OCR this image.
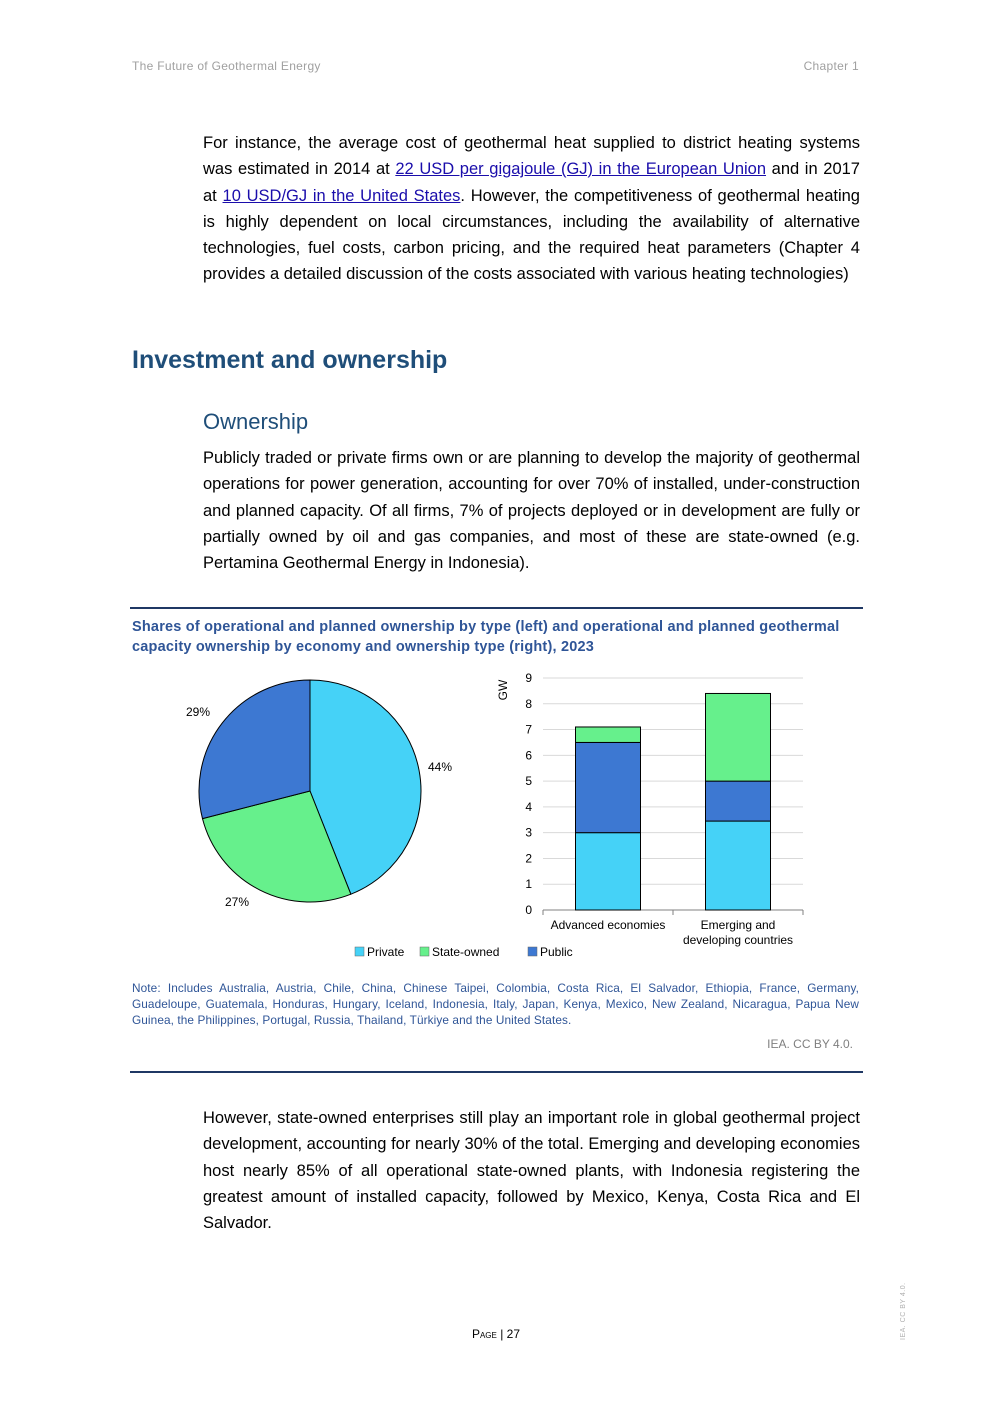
The Future of Geothermal Energy	Chapter 1

For instance, the average cost of geothermal heat supplied to district heating systems was estimated in 2014 at 22 USD per gigajoule (GJ) in the European Union and in 2017 at 10 USD/GJ in the United States. However, the competitiveness of geothermal heating is highly dependent on local circumstances, including the availability of alternative technologies, fuel costs, carbon pricing, and the required heat parameters (Chapter 4 provides a detailed discussion of the costs associated with various heating technologies)

Investment and ownership
Ownership

Publicly traded or private firms own or are planning to develop the majority of geothermal operations for power generation, accounting for over 70% of installed, under-construction and planned capacity. Of all firms, 7% of projects deployed or in development are fully or partially owned by oil and gas companies, and most of these are state-owned (e.g. Pertamina Geothermal Energy in Indonesia).

Shares of operational and planned ownership by type (left) and operational and planned geothermal capacity ownership by economy and ownership type (right), 2023
44%
27%
29%
0
1
2
3
4
5
6
7
8
9
GW
Advanced economies	Emerging and
developing countries
Private State-owned	Public
Note: Includes Australia, Austria, Chile, China, Chinese Taipei, Colombia, Costa Rica, El Salvador, Ethiopia, France, Germany, Guadeloupe, Guatemala, Honduras, Hungary, Iceland, Indonesia, Italy, Japan, Kenya, Mexico, New Zealand, Nicaragua, Papua New Guinea, the Philippines, Portugal, Russia, Thailand, Türkiye and the United States.
IEA. CC BY 4.0.

However, state-owned enterprises still play an important role in global geothermal project development, accounting for nearly 30% of the total. Emerging and developing economies host nearly 85% of all operational state-owned plants, with Indonesia registering the greatest amount of installed capacity, followed by Mexico, Kenya, Costa Rica and El Salvador.

Page | 27	IEA. CC BY 4.0.
